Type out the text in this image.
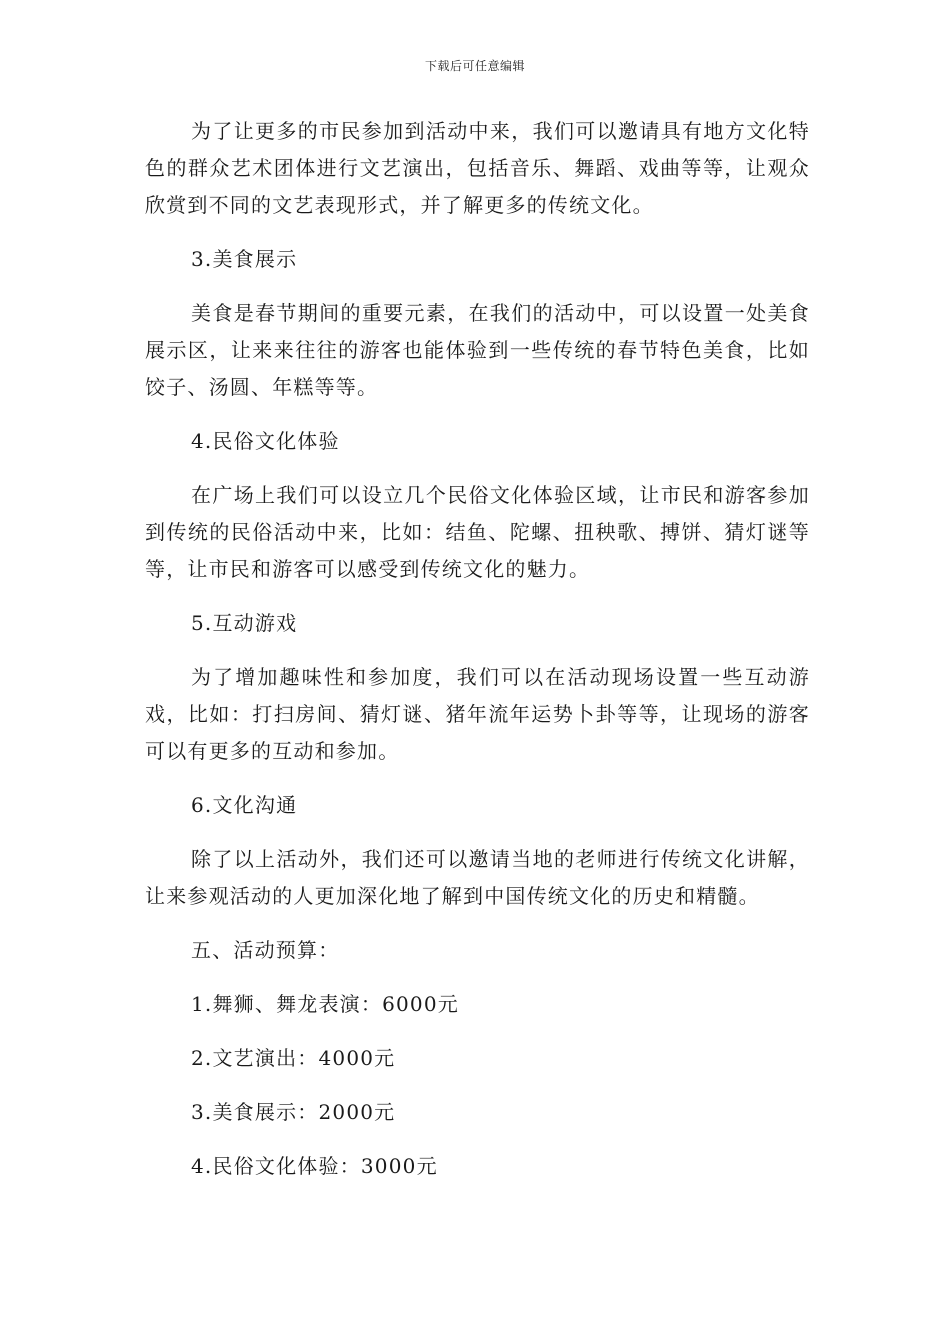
下载后可任意编辑

为了让更多的市民参加到活动中来，我们可以邀请具有地方文化特色的群众艺术团体进行文艺演出，包括音乐、舞蹈、戏曲等等，让观众欣赏到不同的文艺表现形式，并了解更多的传统文化。

3.美食展示

美食是春节期间的重要元素，在我们的活动中，可以设置一处美食展示区，让来来往往的游客也能体验到一些传统的春节特色美食，比如饺子、汤圆、年糕等等。

4.民俗文化体验

在广场上我们可以设立几个民俗文化体验区域，让市民和游客参加到传统的民俗活动中来，比如：结鱼、陀螺、扭秧歌、搏饼、猜灯谜等等，让市民和游客可以感受到传统文化的魅力。

5.互动游戏

为了增加趣味性和参加度，我们可以在活动现场设置一些互动游戏，比如：打扫房间、猜灯谜、猪年流年运势卜卦等等，让现场的游客可以有更多的互动和参加。

6.文化沟通

除了以上活动外，我们还可以邀请当地的老师进行传统文化讲解，让来参观活动的人更加深化地了解到中国传统文化的历史和精髓。

五、活动预算：

1.舞狮、舞龙表演：6000元

2.文艺演出：4000元

3.美食展示：2000元

4.民俗文化体验：3000元
